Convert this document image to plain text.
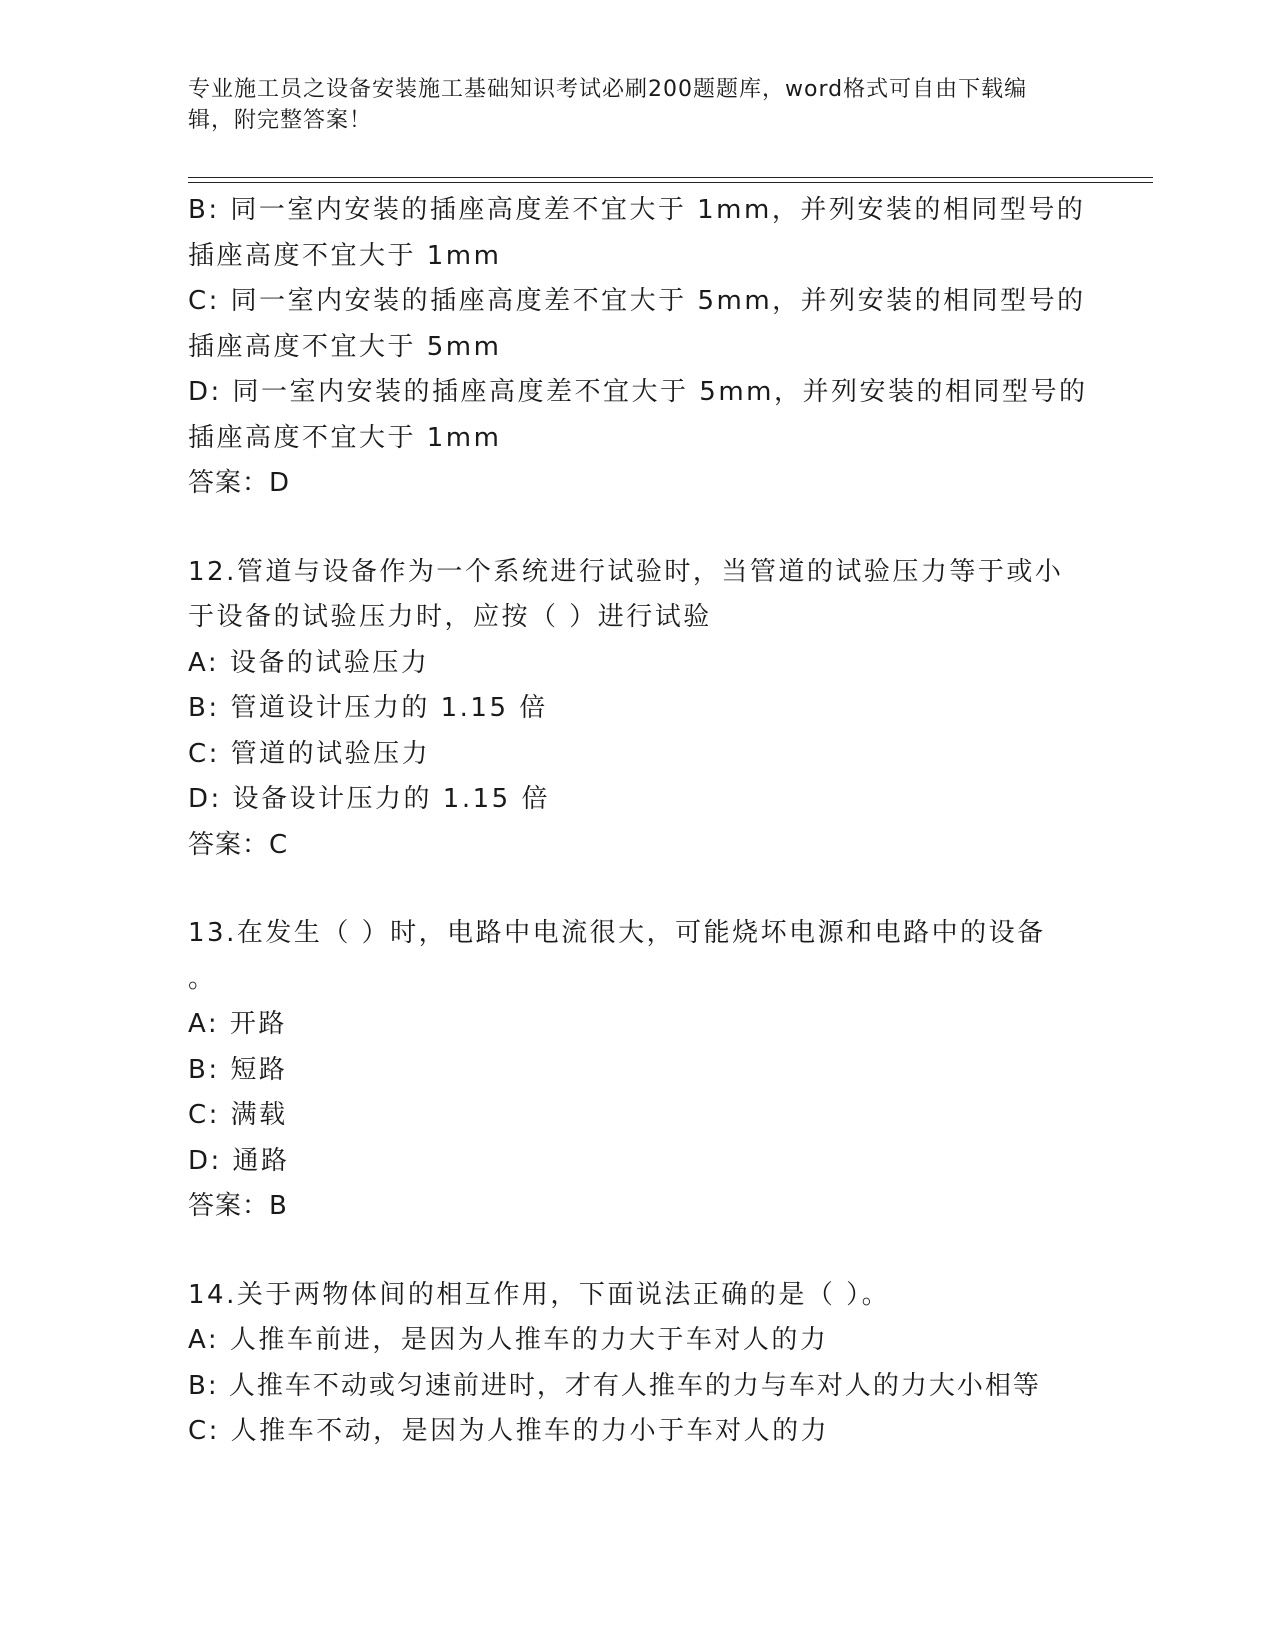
专业施工员之设备安装施工基础知识考试必刷200题题库，word格式可自由下载编辑，附完整答案！
B: 同一室内安装的插座高度差不宜大于 1mm，并列安装的相同型号的
插座高度不宜大于 1mm
C: 同一室内安装的插座高度差不宜大于 5mm，并列安装的相同型号的
插座高度不宜大于 5mm
D: 同一室内安装的插座高度差不宜大于 5mm，并列安装的相同型号的
插座高度不宜大于 1mm
答案：D
12.管道与设备作为一个系统进行试验时，当管道的试验压力等于或小
于设备的试验压力时，应按（ ）进行试验
A: 设备的试验压力
B: 管道设计压力的 1.15 倍
C: 管道的试验压力
D: 设备设计压力的 1.15 倍
答案：C
13.在发生（ ）时，电路中电流很大，可能烧坏电源和电路中的设备
。
A: 开路
B: 短路
C: 满载
D: 通路
答案：B
14.关于两物体间的相互作用，下面说法正确的是（ ）。
A: 人推车前进，是因为人推车的力大于车对人的力
B: 人推车不动或匀速前进时，才有人推车的力与车对人的力大小相等
C: 人推车不动，是因为人推车的力小于车对人的力
